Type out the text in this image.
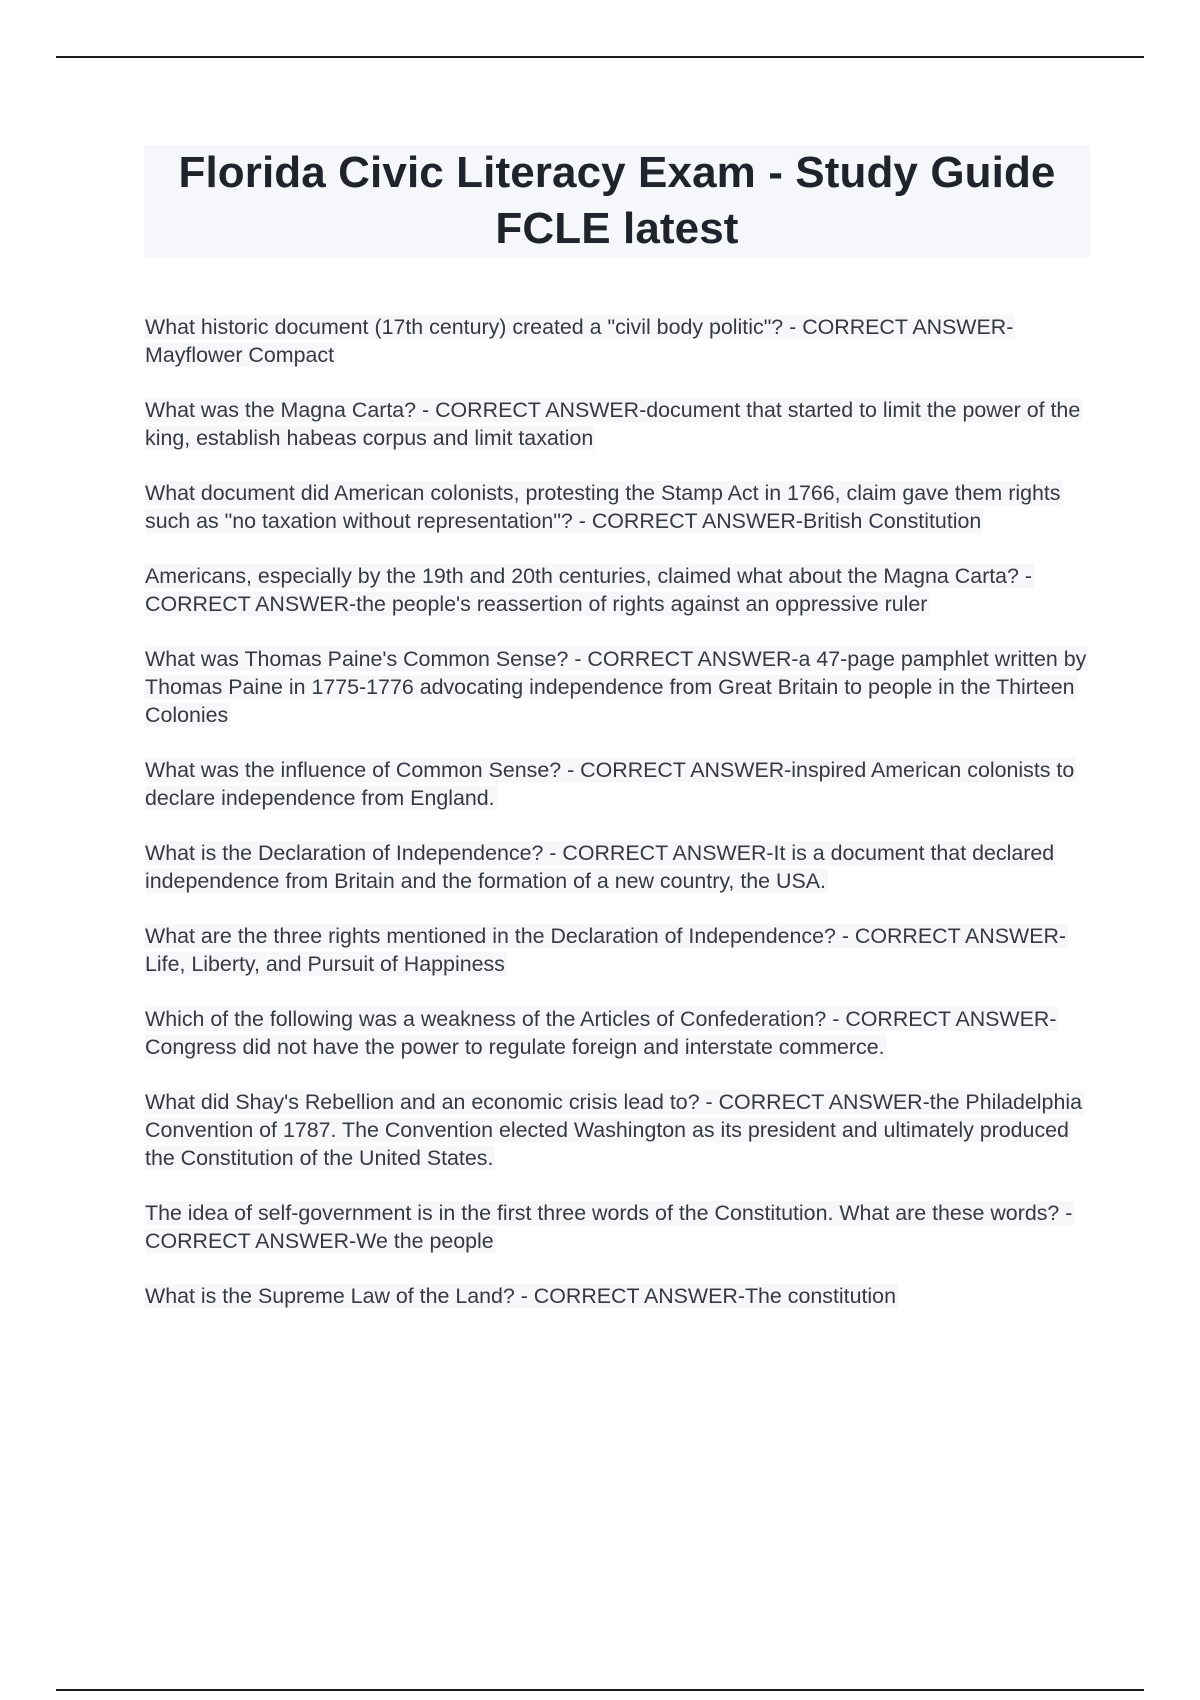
Florida Civic Literacy Exam - Study Guide FCLE latest
What historic document (17th century) created a "civil body politic"? - CORRECT ANSWER-Mayflower Compact
What was the Magna Carta? - CORRECT ANSWER-document that started to limit the power of the king, establish habeas corpus and limit taxation
What document did American colonists, protesting the Stamp Act in 1766, claim gave them rights such as "no taxation without representation"? - CORRECT ANSWER-British Constitution
Americans, especially by the 19th and 20th centuries, claimed what about the Magna Carta? - CORRECT ANSWER-the people's reassertion of rights against an oppressive ruler
What was Thomas Paine's Common Sense? - CORRECT ANSWER-a 47-page pamphlet written by Thomas Paine in 1775-1776 advocating independence from Great Britain to people in the Thirteen Colonies
What was the influence of Common Sense? - CORRECT ANSWER-inspired American colonists to declare independence from England.
What is the Declaration of Independence? - CORRECT ANSWER-It is a document that declared independence from Britain and the formation of a new country, the USA.
What are the three rights mentioned in the Declaration of Independence? - CORRECT ANSWER-Life, Liberty, and Pursuit of Happiness
Which of the following was a weakness of the Articles of Confederation? - CORRECT ANSWER-Congress did not have the power to regulate foreign and interstate commerce.
What did Shay's Rebellion and an economic crisis lead to? - CORRECT ANSWER-the Philadelphia Convention of 1787. The Convention elected Washington as its president and ultimately produced the Constitution of the United States.
The idea of self-government is in the first three words of the Constitution. What are these words? - CORRECT ANSWER-We the people
What is the Supreme Law of the Land? - CORRECT ANSWER-The constitution
